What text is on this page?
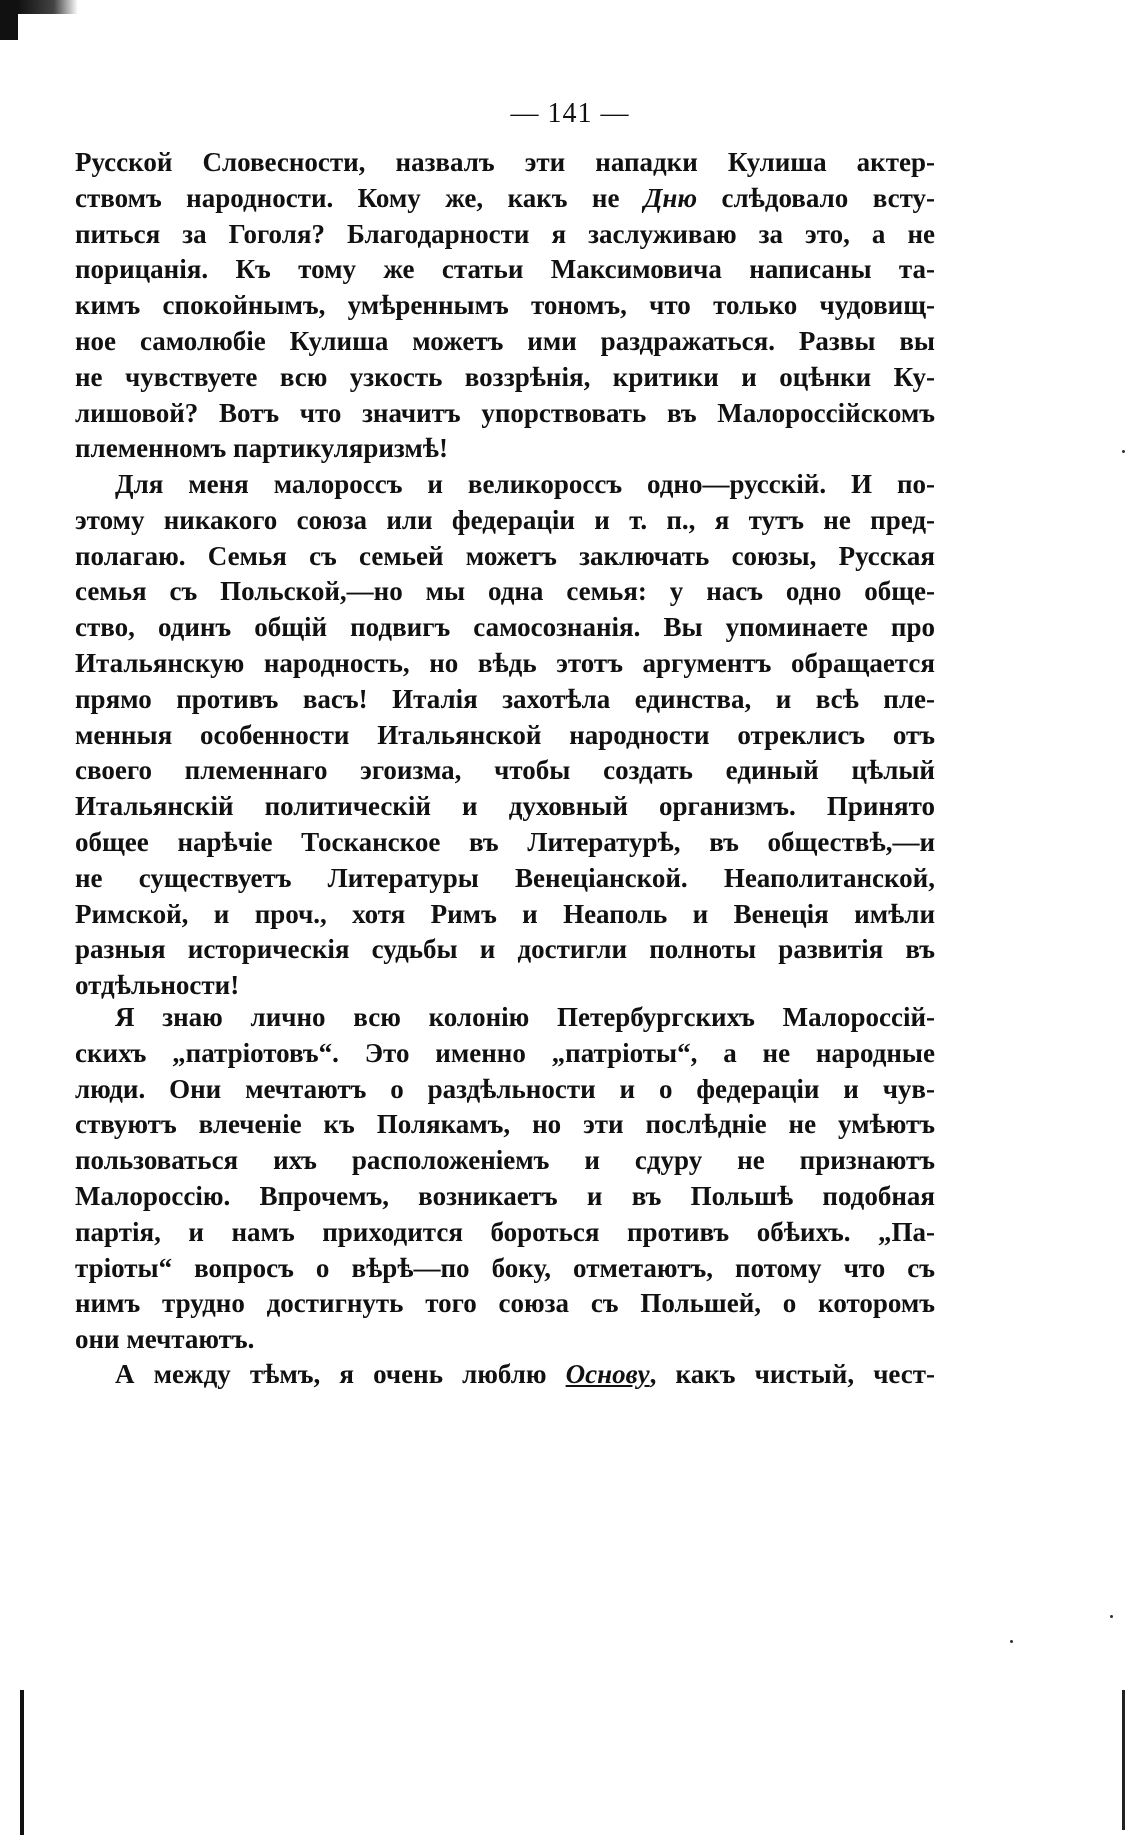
— 141 —
Русской Словесности, назвалъ эти нападки Кулиша актер-
ствомъ народности. Кому же, какъ не Дню слѣдовало всту-
питься за Гоголя? Благодарности я заслуживаю за это, а не
порицанія. Къ тому же статьи Максимовича написаны та-
кимъ спокойнымъ, умѣреннымъ тономъ, что только чудовищ-
ное самолюбіе Кулиша можетъ ими раздражаться. Развы вы
не чувствуете всю узкость воззрѣнія, критики и оцѣнки Ку-
лишовой? Вотъ что значитъ упорствовать въ Малороссійскомъ
племенномъ партикуляризмѣ!
Для меня малороссъ и великороссъ одно—русскій. И по-
этому никакого союза или федераціи и т. п., я тутъ не пред-
полагаю. Семья съ семьей можетъ заключать союзы, Русская
семья съ Польской,—но мы одна семья: у насъ одно обще-
ство, одинъ общій подвигъ самосознанія. Вы упоминаете про
Итальянскую народность, но вѣдь этотъ аргументъ обращается
прямо противъ васъ! Италія захотѣла единства, и всѣ пле-
менныя особенности Итальянской народности отреклисъ отъ
своего племеннаго эгоизма, чтобы создать единый цѣлый
Итальянскій политическій и духовный организмъ. Принято
общее нарѣчіе Тосканское въ Литературѣ, въ обществѣ,—и
не существуетъ Литературы Венеціанской. Неаполитанской,
Римской, и проч., хотя Римъ и Неаполь и Венеція имѣли
разныя историческія судьбы и достигли полноты развитія въ
отдѣльности!
Я знаю лично всю колонію Петербургскихъ Малороссій-
скихъ „патріотовъ“. Это именно „патріоты“, а не народные
люди. Они мечтаютъ о раздѣльности и о федераціи и чув-
ствуютъ влеченіе къ Полякамъ, но эти послѣдніе не умѣютъ
пользоваться ихъ расположеніемъ и сдуру не признаютъ
Малороссію. Впрочемъ, возникаетъ и въ Польшѣ подобная
партія, и намъ приходится бороться противъ обѣихъ. „Па-
тріоты“ вопросъ о вѣрѣ—по боку, отметаютъ, потому что съ
нимъ трудно достигнуть того союза съ Польшей, о которомъ
они мечтаютъ.
А между тѣмъ, я очень люблю Основу, какъ чистый, чест-
